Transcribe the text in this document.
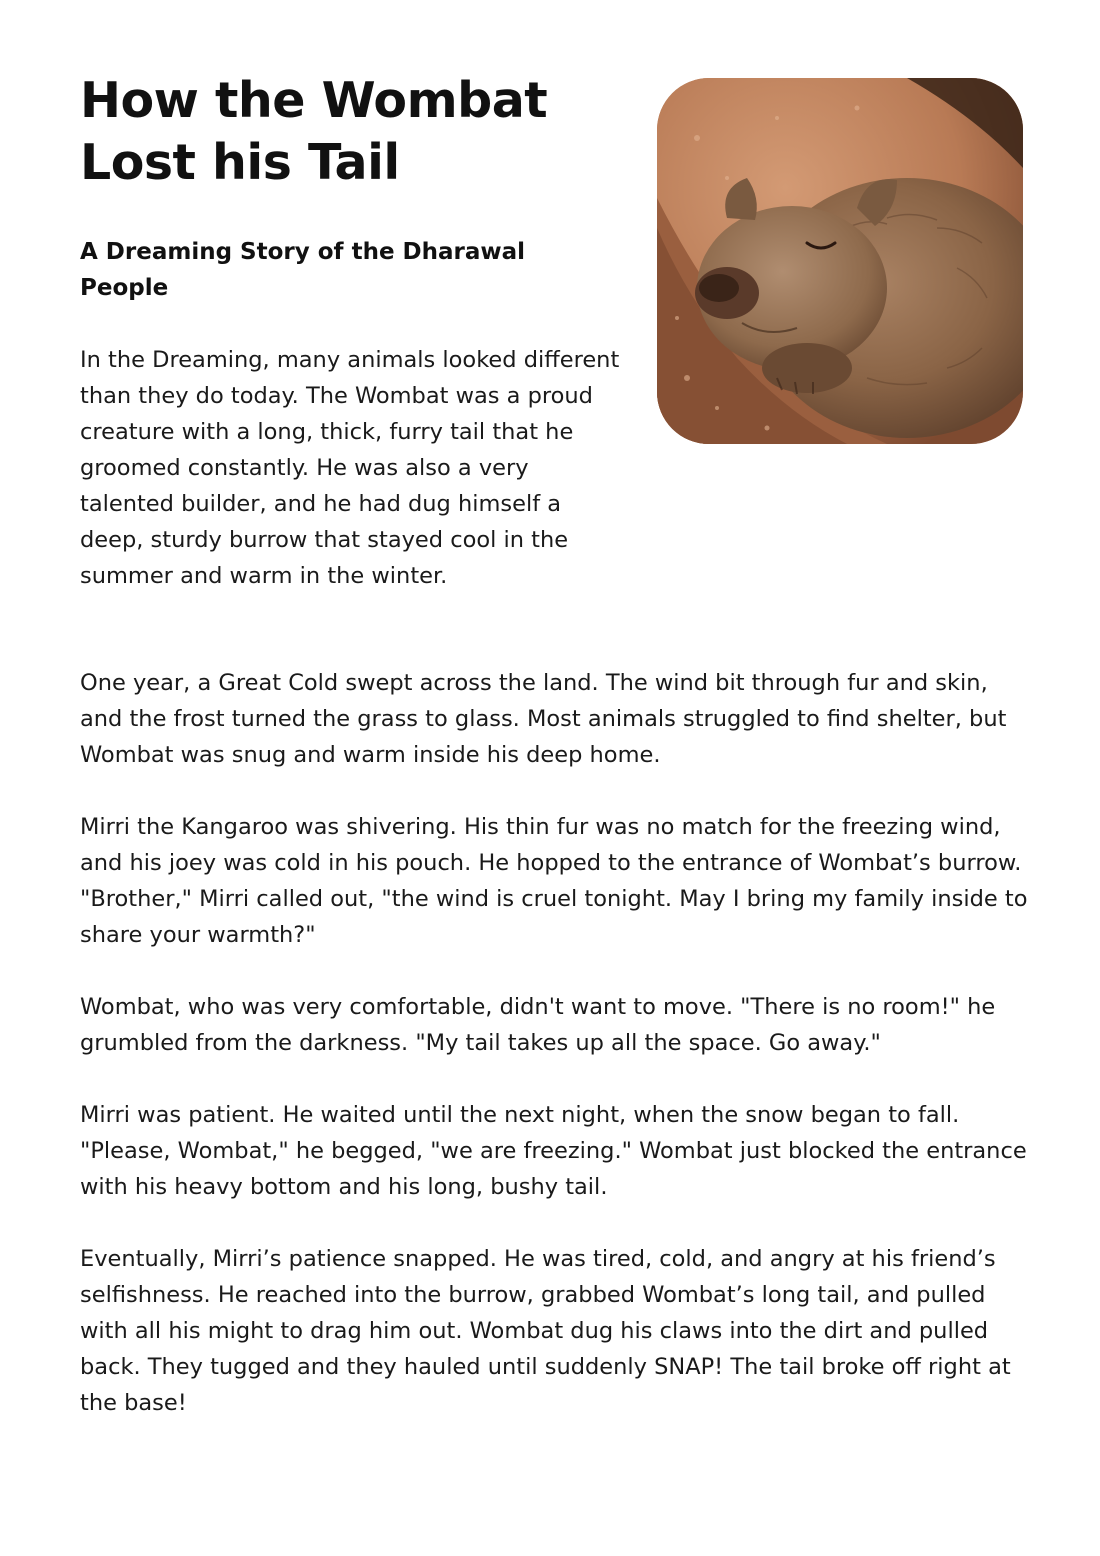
How the Wombat Lost his Tail
A Dreaming Story of the Dharawal People

In the Dreaming, many animals looked different than they do today. The Wombat was a proud creature with a long, thick, furry tail that he groomed constantly. He was also a very talented builder, and he had dug himself a deep, sturdy burrow that stayed cool in the summer and warm in the winter.

One year, a Great Cold swept across the land. The wind bit through fur and skin, and the frost turned the grass to glass. Most animals struggled to find shelter, but Wombat was snug and warm inside his deep home.

Mirri the Kangaroo was shivering. His thin fur was no match for the freezing wind, and his joey was cold in his pouch. He hopped to the entrance of Wombat’s burrow. "Brother," Mirri called out, "the wind is cruel tonight. May I bring my family inside to share your warmth?"

Wombat, who was very comfortable, didn't want to move. "There is no room!" he grumbled from the darkness. "My tail takes up all the space. Go away."

Mirri was patient. He waited until the next night, when the snow began to fall. "Please, Wombat," he begged, "we are freezing." Wombat just blocked the entrance with his heavy bottom and his long, bushy tail.

Eventually, Mirri’s patience snapped. He was tired, cold, and angry at his friend’s selfishness. He reached into the burrow, grabbed Wombat’s long tail, and pulled with all his might to drag him out. Wombat dug his claws into the dirt and pulled back. They tugged and they hauled until suddenly SNAP! The tail broke off right at the base!
